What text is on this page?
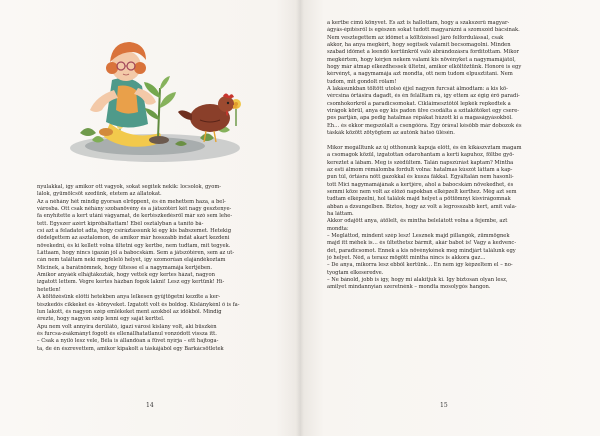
nyulakkal, így amikor ott vagyok, sokat segítek nekik: locsolok, gyom-
lálok, gyümölcsöt szedünk, etetem az állatokat.
Az a néhány hét mindig gyorsan elröppent, és én mehettem haza, a bel-
városba. Ott csak néhány szobanövény és a játszótéri két nagy gesztenye-
fa enyhítette a kert utáni vágyamat, de kertészkedésről már szó sem lehe-
tett. Egyszer azért kipróbáltattam! Ebél osztályban a tanító bá-
csi azt a feladatot adta, hogy csíráztassunk ki egy kis babszemet. Hetekig
dédelgettem az asztalomon, de amikor már hosszabb indát akart kezdeni
növekedni, és ki kellett volna ültetni egy kertbe, nem tudtam, mit tegyek.
Láttaam, hogy nincs igazán jól a babocskám. Sem a játszótéren, sem az ut-
cán nem találtam neki megfelelő helyet, így szomorúan elajándékoztam
Micinek, a barátnőmnek, hogy ültesse el a nagymamája kertjében.
Amikor anyáék elhájtákozták, hogy vettek egy kertes házat, nagyon
izgatott lettem. Végre kertes házban fogok lakni! Lesz egy kertünk! Hi-
hetetlen!
A költözésünk előtti hetekben anya lelkesen gyűjtögetni kezdte a ker-
tészkedős cikkeket és -könyveket. Izgatott volt és boldog. Kislánykénl ő is fa-
lun lakott, és nagyon szép emlékeket ment azokból az időkből. Mindig
érezte, hogy nagyon szép lenni egy saját kerttel.
Apu nem volt annyira derűlátó, igazi városi kislány volt, aki büszkén
és furcsa-zsákmányt fogott és ellenállhatatlanul vonzódott vissza itt.
– Csak a nyíló lesz vele, Béla is állandóan a füvet nyírja – ett hajtoga-
ta, de én észrevettem, amikor kipakolt a táskájából egy Barkácsötletek
a kertbe című könyvet. És azt is hallottam, hogy a szakszerű magyar-
ágyás-építésről is egészen sokat tudott magyarázni a szomszéd bácsinak.
Nem vesztegettem az időmet a költözéssel járó felfordulással, csak
akkor, ha anya megkért, hogy segítsek valamit becsomagolni. Minden
szabad időmet a leendő kertünkről való ábrándozásra fordítottam. Mikor
megkértem, hogy kérjen nekem valami kis növényket a nagymamájától,
hogy már átmap elkezdhessek ültetni, amikor elköltöztünk. Honoré is egy
kérvényt, a nagymamája azt mondta, ott nem tudom elpusztítani. Nem
tudom, mit gondolt rólam!
A lakásunkban töltött utolsó éjjel nagyon furcsát álmodtam: a kis kö-
vércsina őrtásira dagadt, és én felálltam rá, így ettem az égig érő paradi-
csomhokorkról a paradicsomokat. Cikláimesztőtől lepkék repkedtek a
virágok körül, anya egy kis padon ülve csodálta a szitakötőket egy csere-
pes partján, apa pedig hatalmas répákat húzott ki a magaságyásokból.
Éh… és ekkor megszólalt a csengőóra. Egy órával később már dobozok és
táskák között zötyögtem az autónk hátsó ülésén.

Mikor megálltunk az új otthonunk kapuja előtt, és én kikászvztam magam
a csomagok közül, izgatottan odarohantam a kerti kapuhoz, föltbe gyö-
kereztet a lábam. Meg is szédültem. Talán napszúrást kaptam? Mintha
az esti álmom rémálomba fordult volna: hatalmas kúszót láttam a kap-
pun túl, őrtásra nőtt gazokkal és kusza fákkal. Egyáltalán nem hasonlí-
tott Mici nagymamájának a kertjére, ahol a babocskám növekedhet, és
semmi köze nem volt az előző napokban elképzelt kerthez. Még azt sem
tudtam elképzelni, hol találok majd helyet a pöttömnyi kisvirágomnak
abban a dzsungelben. Biztos, hogy az volt a legrosszabb kert, amit vala-
ha láttam.
Akkor odajött anya, átölelt, és mintha belelátott volna a fejembe, azt
mondta:
– Megláttod, mindent szép lesz! Lesznek majd pillangók, zümmögnek
majd itt méhek is… és ültethetsz bármit, akár babot is! Vagy a kedvenc-
det, paradicsomot. Ennek a kis növénykének meg mindjárt találunk egy
jó helyet. Néd, a terasz mögött mintha nincs is akkora gaz…
– De anya, mikorra lesz ebből kertünk… Én nem így képzeltem el – no-
tyogtam elkeseredve.
– Ne bánold, jobb is így, hogy mi alakítjuk ki. Így biztosan olyan lesz,
amilyet mindannyian szeretnénk – mondta mosolygós hangon.
14	15
